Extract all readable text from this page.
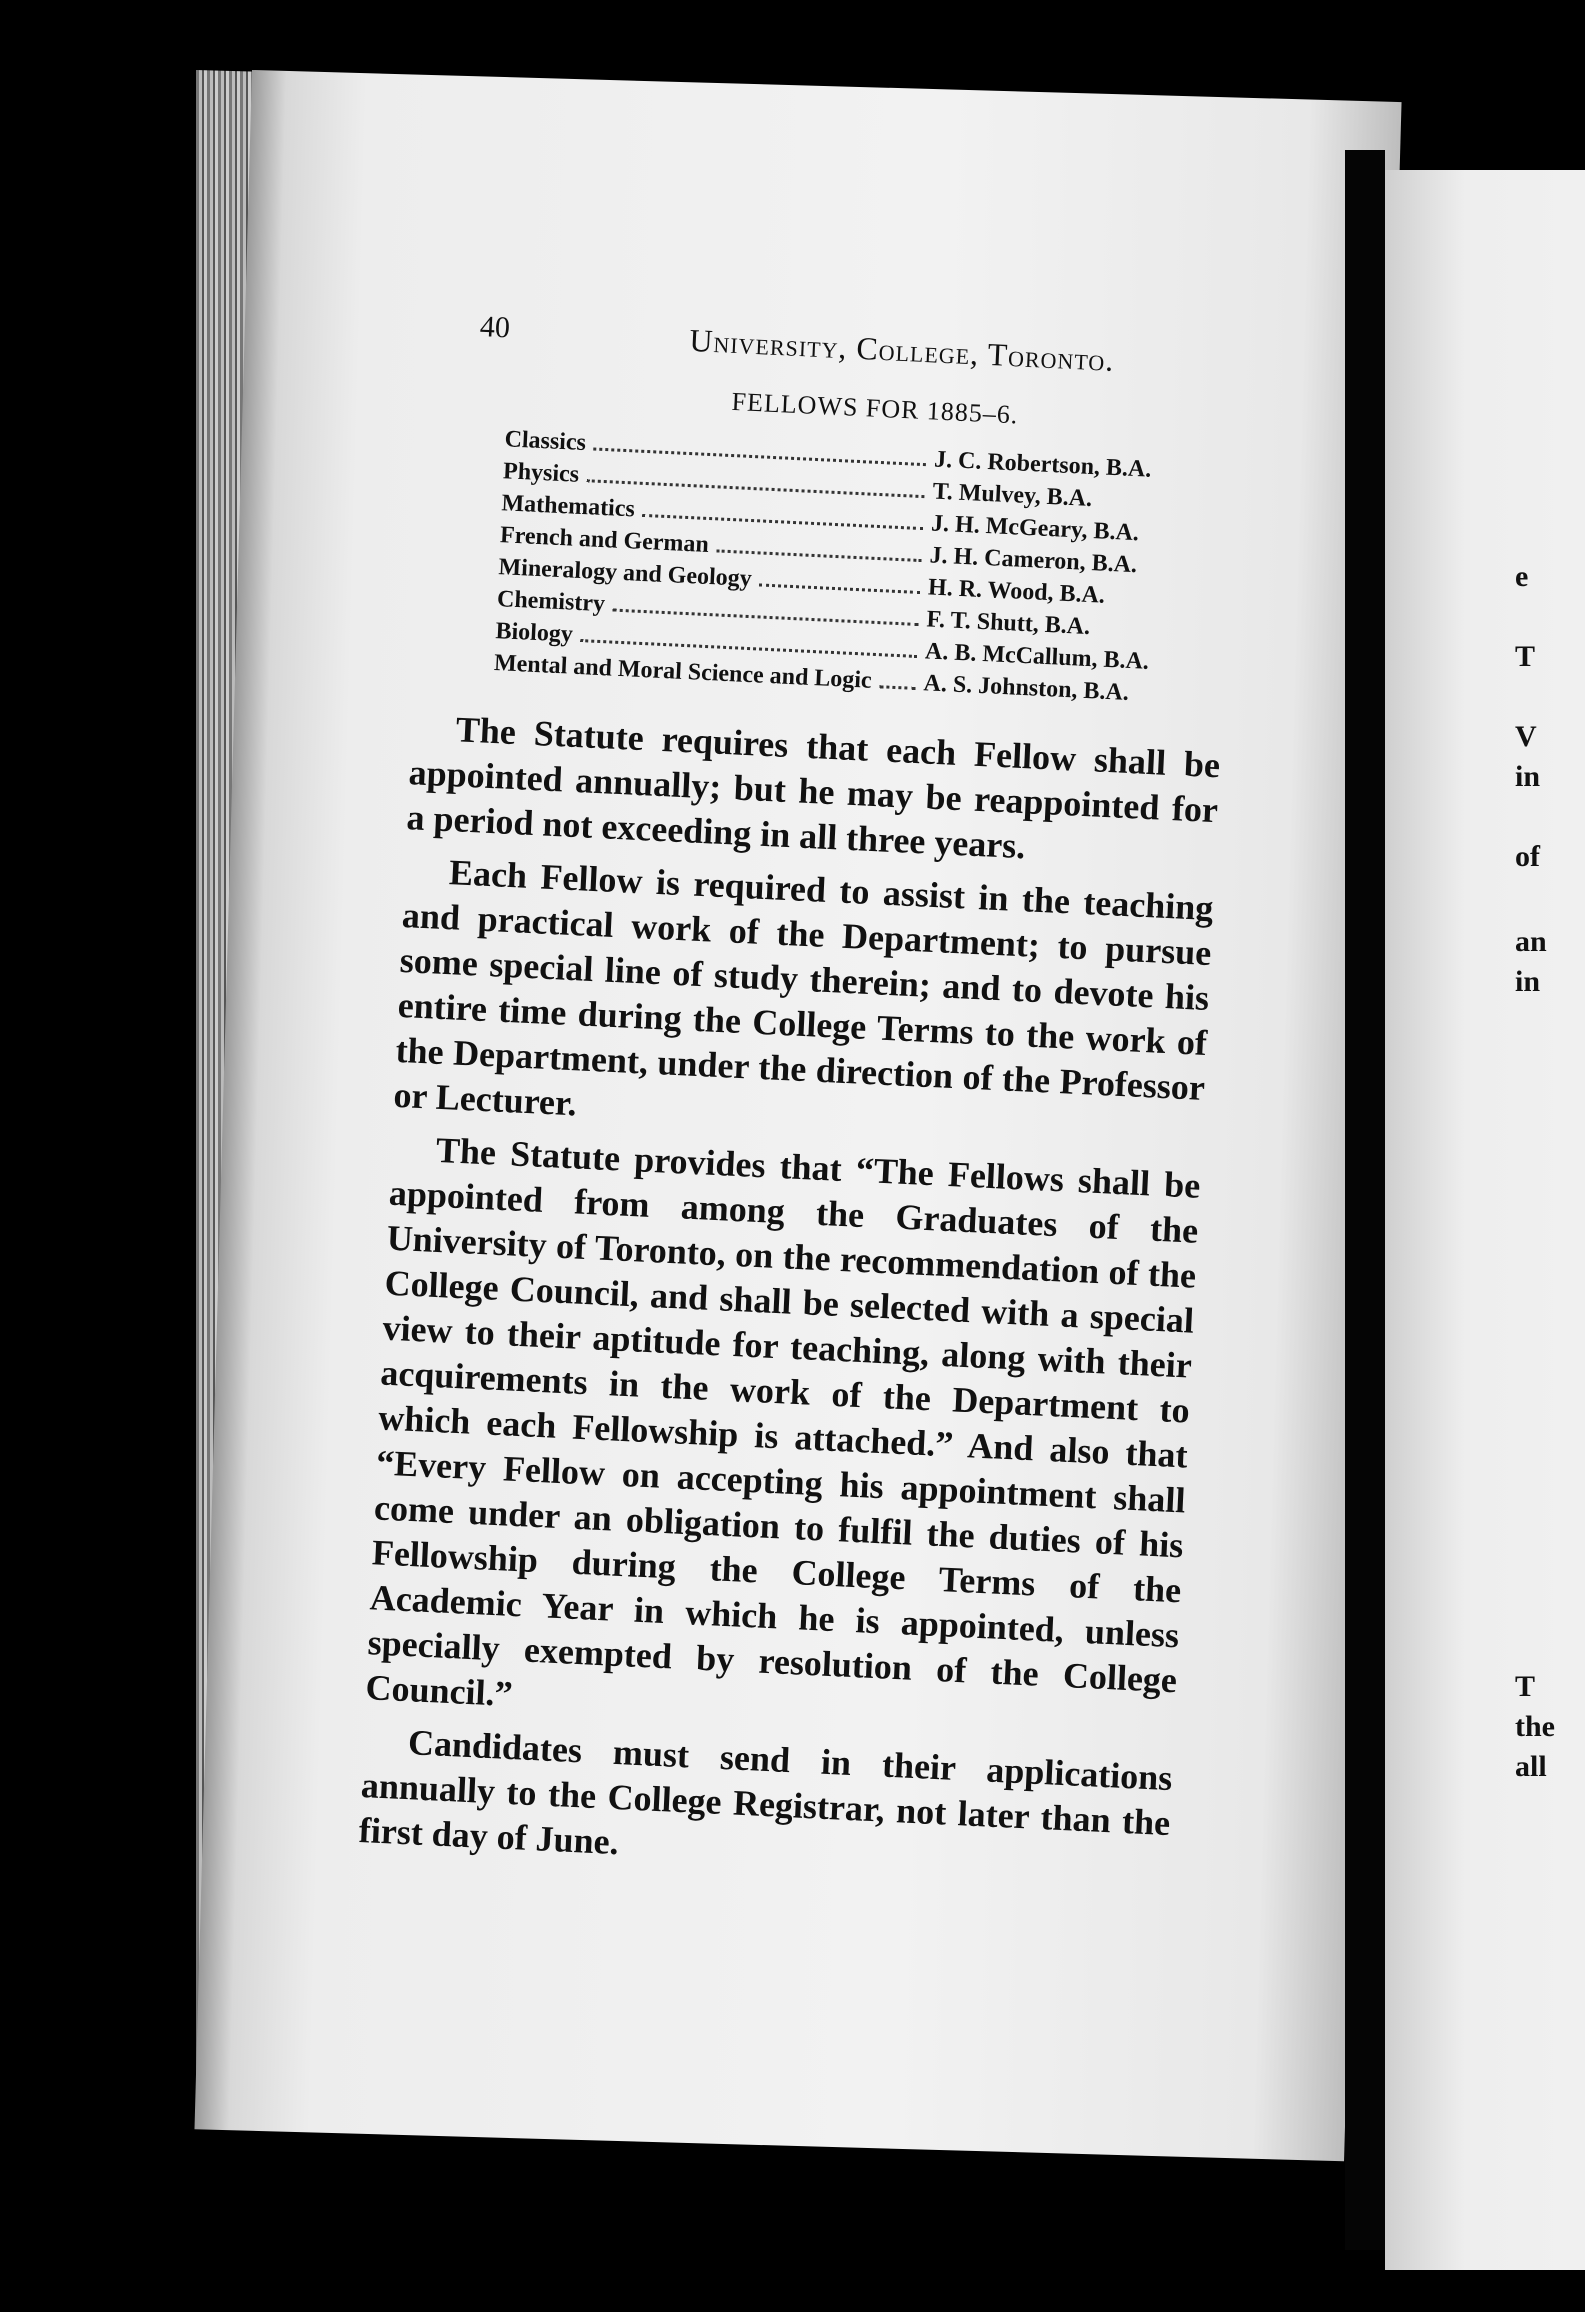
e
T
V
in
of
an
in
T
the
all
40	University, College, Toronto.
FELLOWS FOR 1885–6.
Classics
J. C. Robertson, B.A.
Physics
T. Mulvey, B.A.
Mathematics
J. H. McGeary, B.A.
French and German
J. H. Cameron, B.A.
Mineralogy and Geology	H. R. Wood, B.A.
Chemistry
F. T. Shutt, B.A.
Biology
A. B. McCallum, B.A.
Mental and Moral Science and Logic A. S. Johnston, B.A.

The Statute requires that each Fellow shall be appointed annually; but he may be reappointed for a period not exceeding in all three years.

Each Fellow is required to assist in the teaching and practical work of the Department; to pursue some special line of study therein; and to devote his entire time during the College Terms to the work of the Department, under the direction of the Professor or Lecturer.

The Statute provides that “The Fellows shall be appointed from among the Graduates of the University of Toronto, on the recommendation of the College Council, and shall be selected with a special view to their aptitude for teaching, along with their acquirements in the work of the Department to which each Fellowship is attached.” And also that “Every Fellow on accepting his appointment shall come under an obligation to fulfil the duties of his Fellowship during the College Terms of the Academic Year in which he is appointed, unless specially exempted by resolution of the College Council.”

Candidates must send in their applications annually to the College Registrar, not later than the first day of June.
